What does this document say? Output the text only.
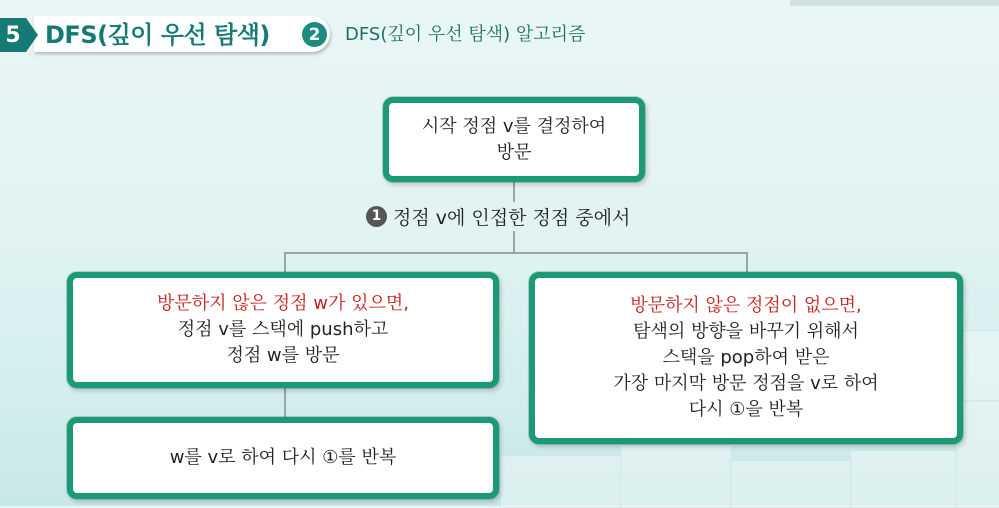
5 DFS(깊이 우선 탐색)	2	DFS(깊이 우선 탐색) 알고리즘
시작 정점 v를 결정하여
방문
1 정점 v에 인접한 정점 중에서
방문하지 않은 정점 w가 있으면,
정점 v를 스택에 push하고
정점 w를 방문
w를 v로 하여 다시 ①를 반복
방문하지 않은 정점이 없으면,
탐색의 방향을 바꾸기 위해서
스택을 pop하여 받은
가장 마지막 방문 정점을 v로 하여
다시 ①을 반복
